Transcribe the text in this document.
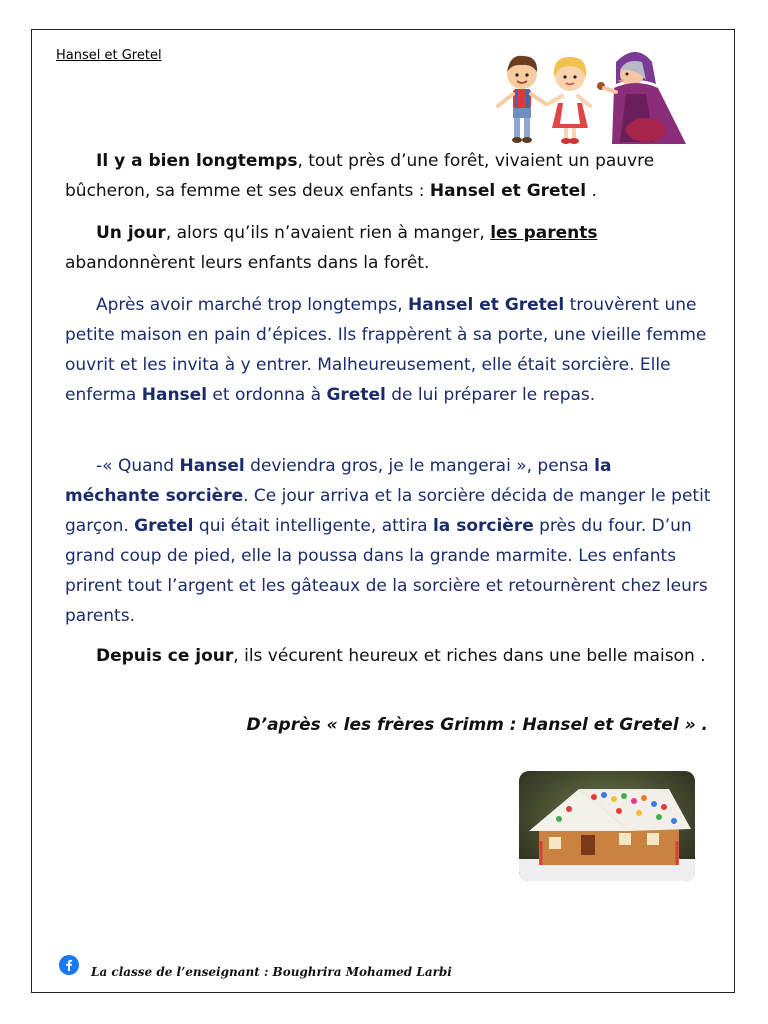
Hansel et Gretel
Il y a bien longtemps, tout près d’une forêt, vivaient un pauvre bûcheron, sa femme et ses deux enfants : Hansel et Gretel .
Un jour, alors qu’ils n’avaient rien à manger, les parents abandonnèrent leurs enfants dans la forêt.
Après avoir marché trop longtemps, Hansel et Gretel trouvèrent une petite maison en pain d’épices. Ils frappèrent à sa porte, une vieille femme ouvrit et les invita à y entrer. Malheureusement, elle était sorcière. Elle enferma Hansel et ordonna à Gretel de lui préparer le repas.
-« Quand Hansel deviendra gros, je le mangerai », pensa la méchante sorcière. Ce jour arriva et la sorcière décida de manger le petit garçon. Gretel qui était intelligente, attira la sorcière près du four. D’un grand coup de pied, elle la poussa dans la grande marmite. Les enfants prirent tout l’argent et les gâteaux de la sorcière et retournèrent chez leurs parents.
Depuis ce jour, ils vécurent heureux et riches dans une belle maison .
D’après « les frères Grimm : Hansel et Gretel » .
La classe de l’enseignant : Boughrira Mohamed Larbi
